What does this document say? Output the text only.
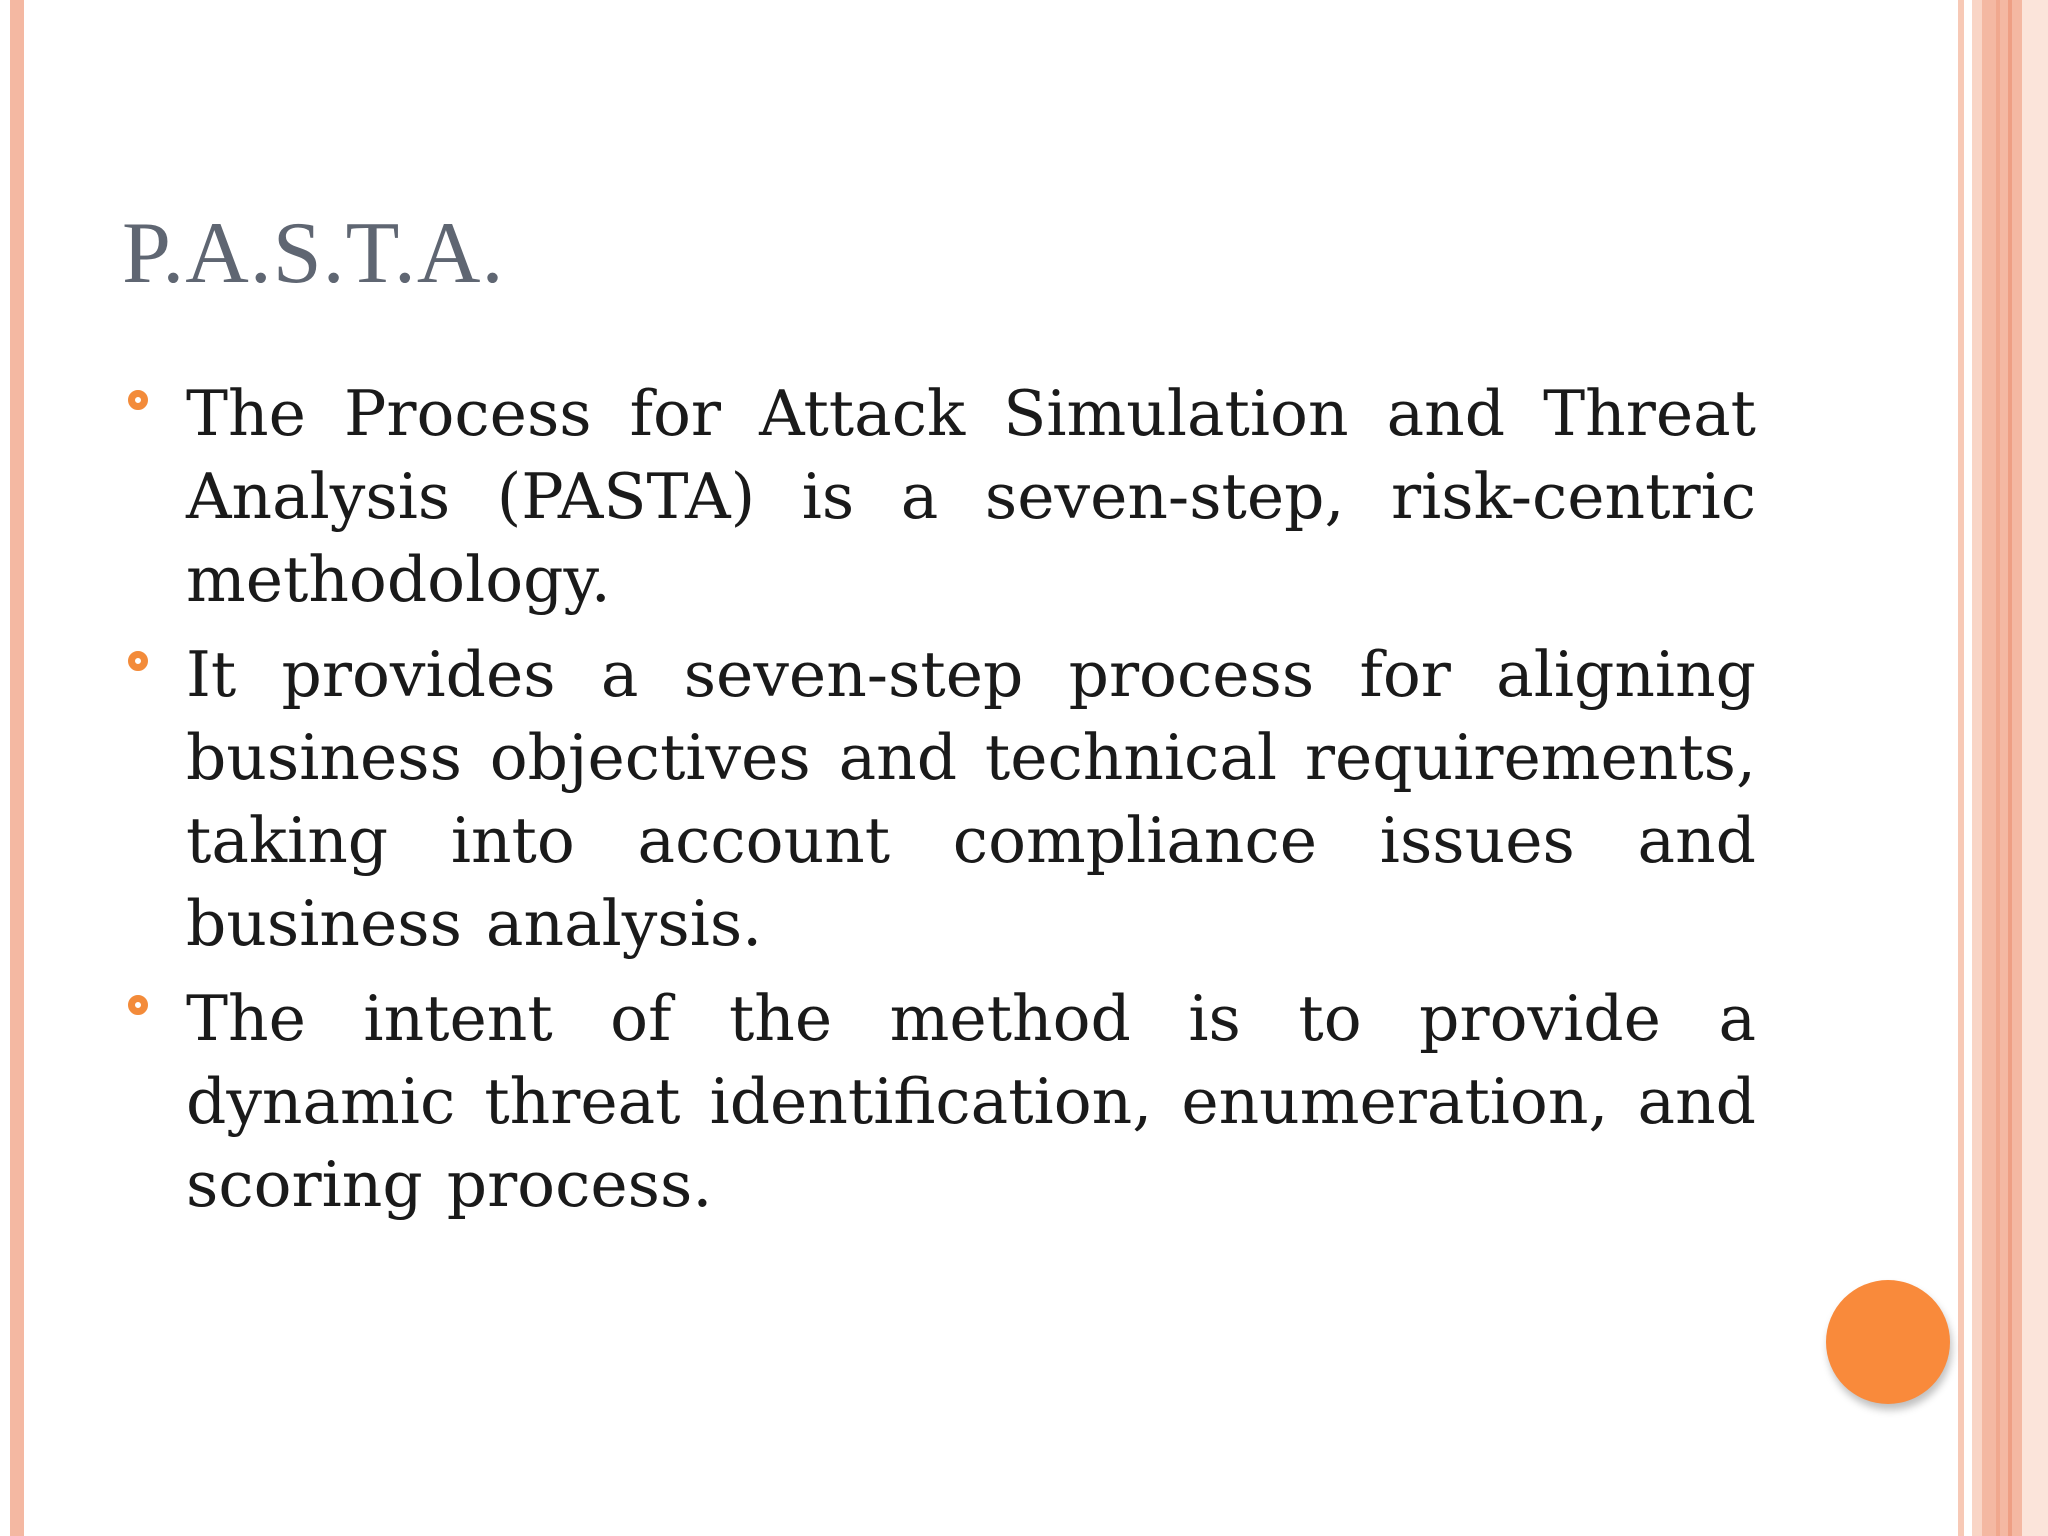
P.A.S.T.A.
The Process for Attack Simulation and Threat Analysis (PASTA) is a seven-step, risk-centric methodology.
It provides a seven-step process for aligning business objectives and technical requirements, taking into account compliance issues and business analysis.
The intent of the method is to provide a dynamic threat identification, enumeration, and scoring process.
